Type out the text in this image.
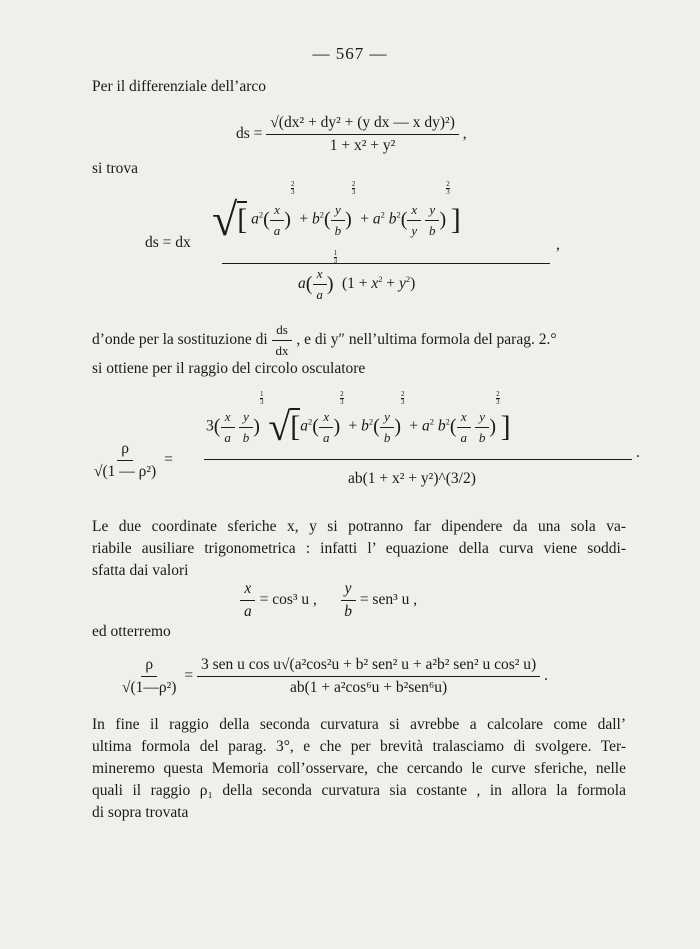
— 567 —
Per il differenziale dell’arco
ds = $\frac{\text{√(dx² + dy² + (y dx — x dy)²)}}{\text{1 + x² + y²}}$ ,
si trova
ds = dx √[ $a^2( \frac{x}{a}$ )
2
$3 + b^2( \frac{y}{b}$ )
2
$3 + a^2$ $b^2( \frac{x}{y}$
$\frac{y}{b}$ )
2
3]
,
$a( \frac{x}{a}$ )
1
3 $(1 + x^2 + y^2)$
d’onde per la sostituzione di $\frac{ds}{dx}$ , e di y″ nell’ultima formola del parag. 2.°
si ottiene per il raggio del circolo osculatore
$\frac{\rho}{\text{√(1 — ρ²)}}$ =
$3( \frac{x}{a}$
$\frac{y}{b}$ )
1
3 $√[a^2( \frac{x}{a}$ )
2
$3 + b^2( \frac{y}{b}$ )
2
$3 + a^2$ $b^2( \frac{x}{a}$
$\frac{y}{b}$ )
2
3]
.
ab(1 + x² + y²)^(3/2)
Le due coordinate sferiche x, y si potranno far dipendere da una sola va-
riabile ausiliare trigonometrica : infatti l’ equazione della curva viene soddi-
sfatta dai valori
$\frac{x}{a} = \cos^3$ u , $\frac{y}{b} = sen^3$ u ,
ed otterremo
$\frac{\rho}{\text{√(1—ρ²)}} = \frac{\text{3 sen u cos u√(a²cos²u + b² sen² u + a²b² sen² u cos² u)}}{\text{ab(1 + a²cos⁶u + b²sen⁶u)}}$ .
In fine il raggio della seconda curvatura si avrebbe a calcolare come dall’
ultima formola del parag. 3°, e che per brevità tralasciamo di svolgere. Ter-
mineremo questa Memoria coll’osservare, che cercando le curve sferiche, nelle
quali il raggio ρ₁ della seconda curvatura sia costante , in allora la formola
di sopra trovata
